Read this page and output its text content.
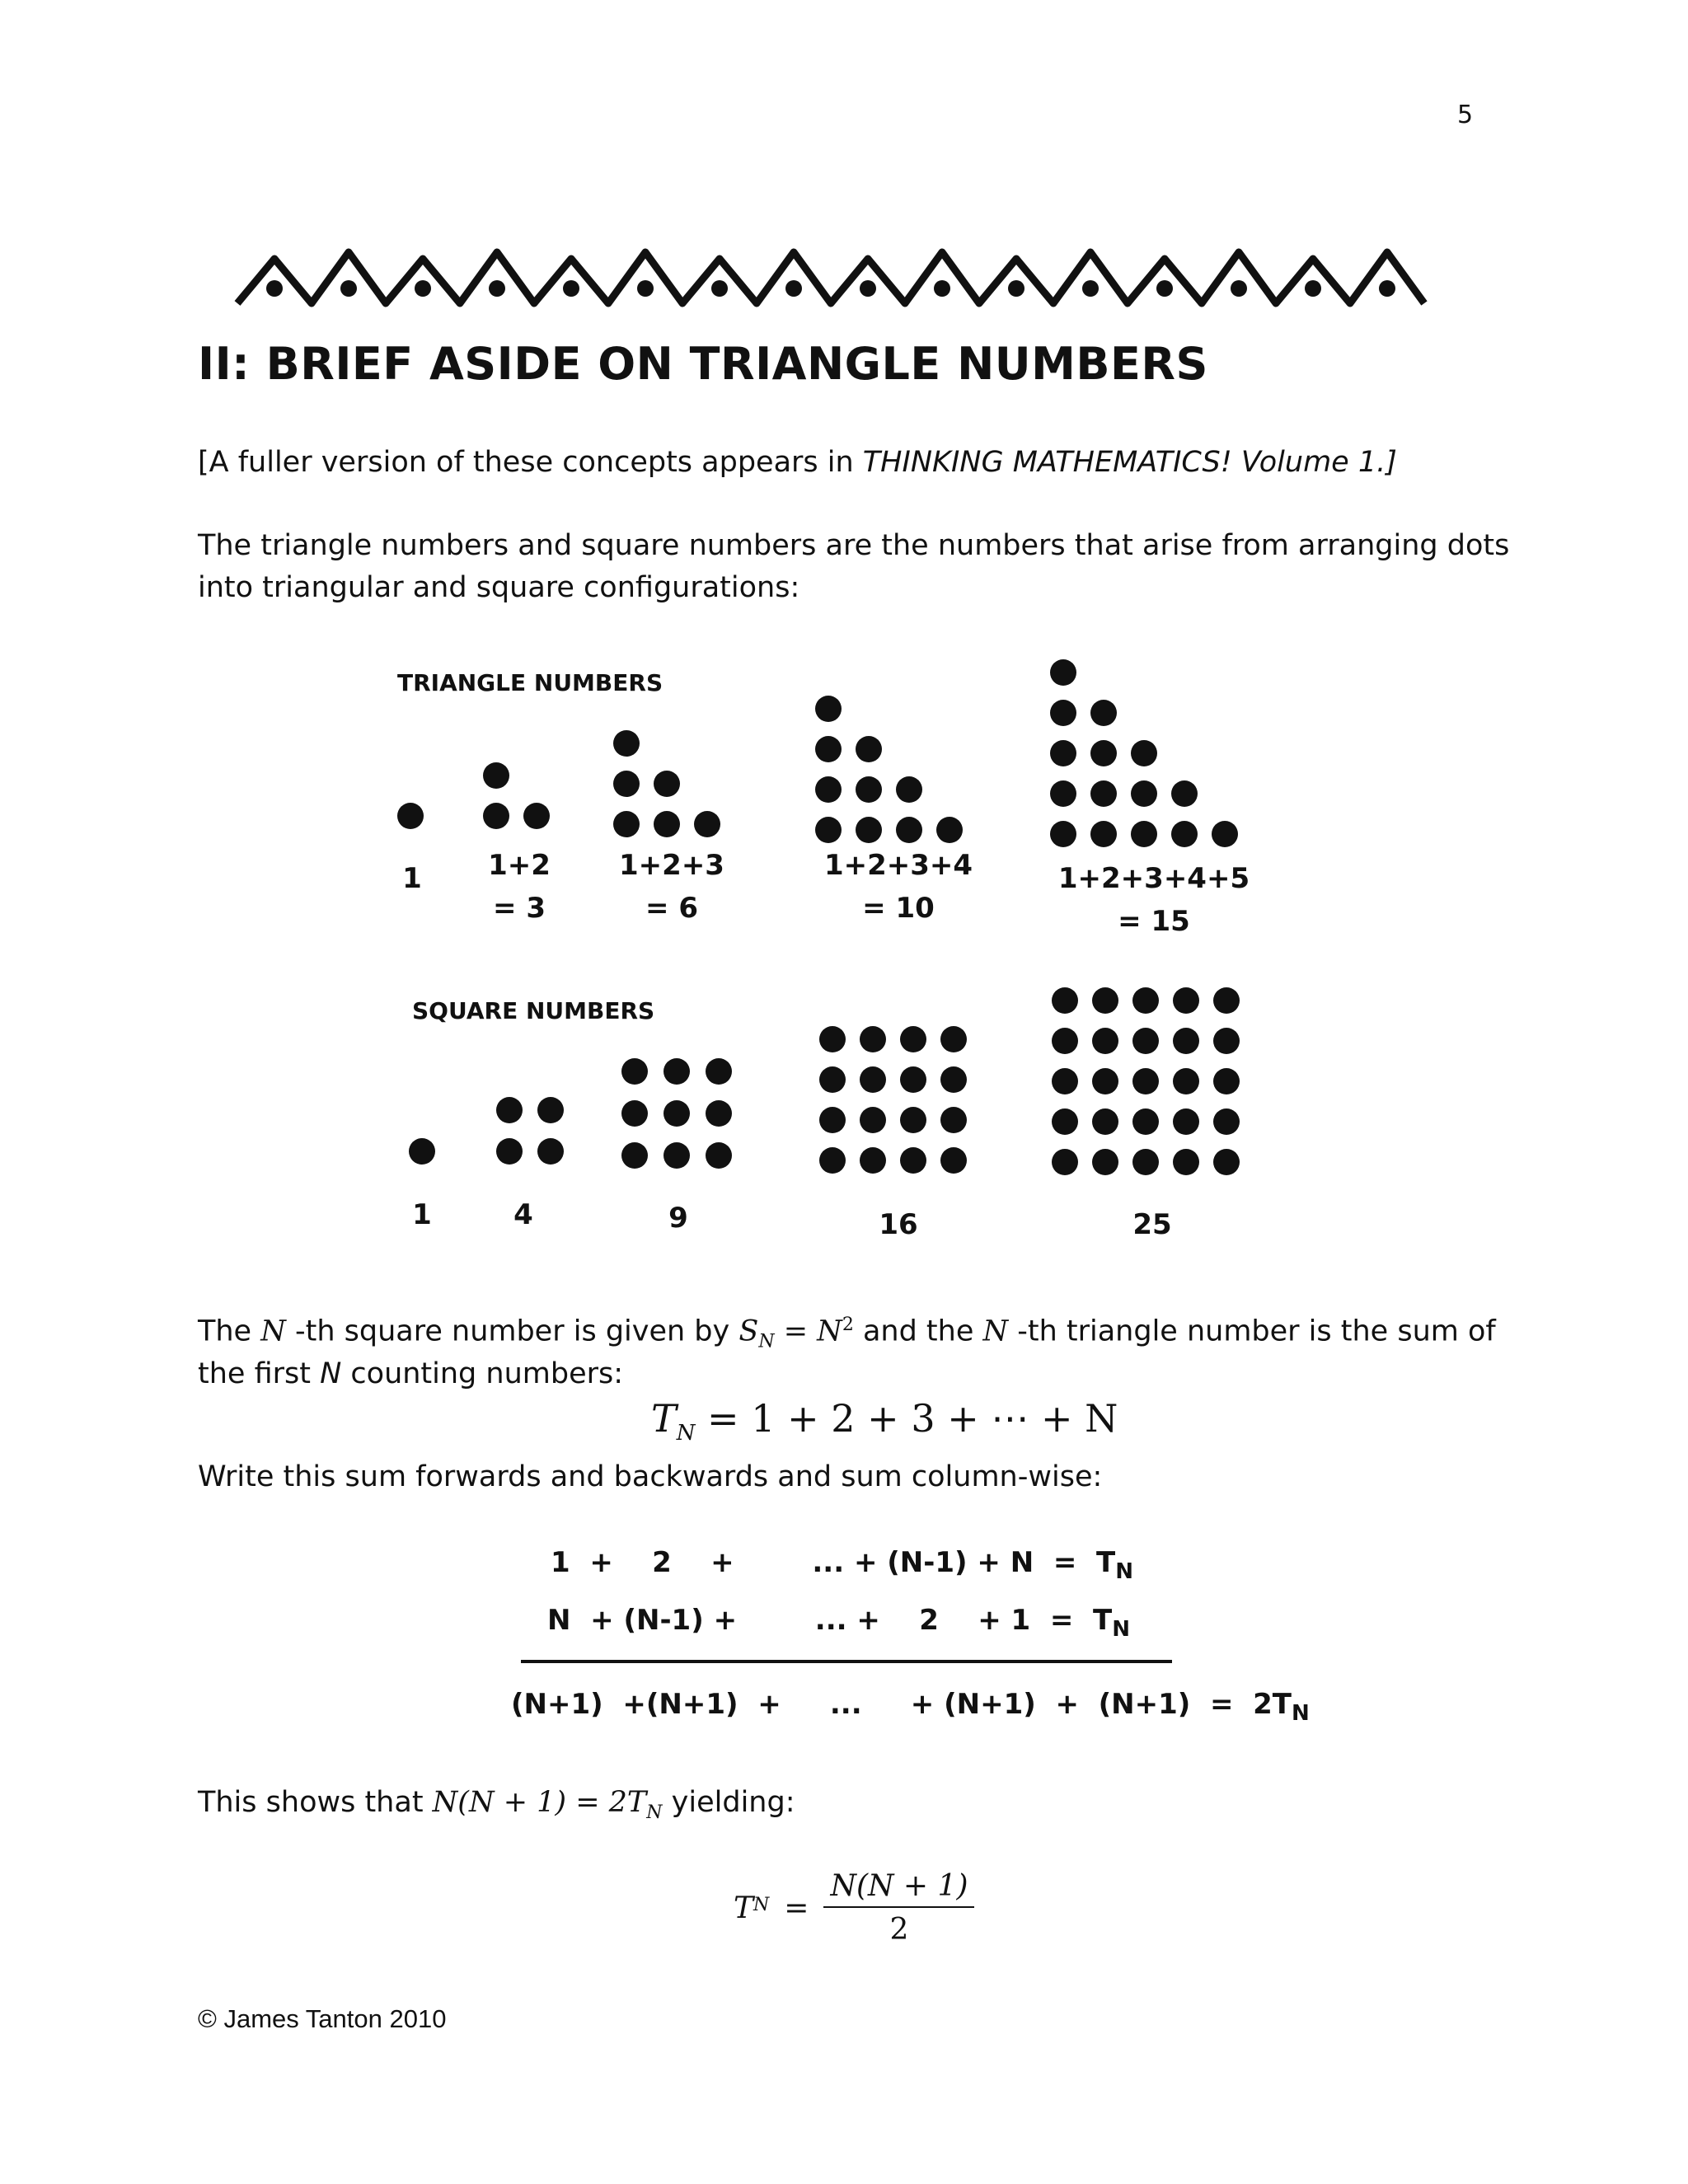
5
II: BRIEF ASIDE ON TRIANGLE NUMBERS
[A fuller version of these concepts appears in THINKING MATHEMATICS! Volume 1.]
The triangle numbers and square numbers are the numbers that arise from arranging dots
into triangular and square configurations:
TRIANGLE NUMBERS
1	1+2
= 3
1+2+3
= 6
1+2+3+4
= 10
1+2+3+4+5
= 15
SQUARE NUMBERS
1	4	9	16	25
The N -th square number is given by $S_N = N^2$ and the N -th triangle number is the sum of
the first N counting numbers:
$T_N = 1 + 2 + 3$ + ⋯ + N
Write this sum forwards and backwards and sum column-wise:
1  +    2    +        ... + $(N-1) + N = T_N$
N  + (N-1) +        ... +    2    + $1 = T_N$
(N+1)  +(N+1)  +     ...     + $(N+1) + (N+1) = 2T_N$
This shows that $N(N + 1) = 2T_N$ yielding:
T $N = \frac{N(N + 1)}{2}$
© James Tanton 2010
